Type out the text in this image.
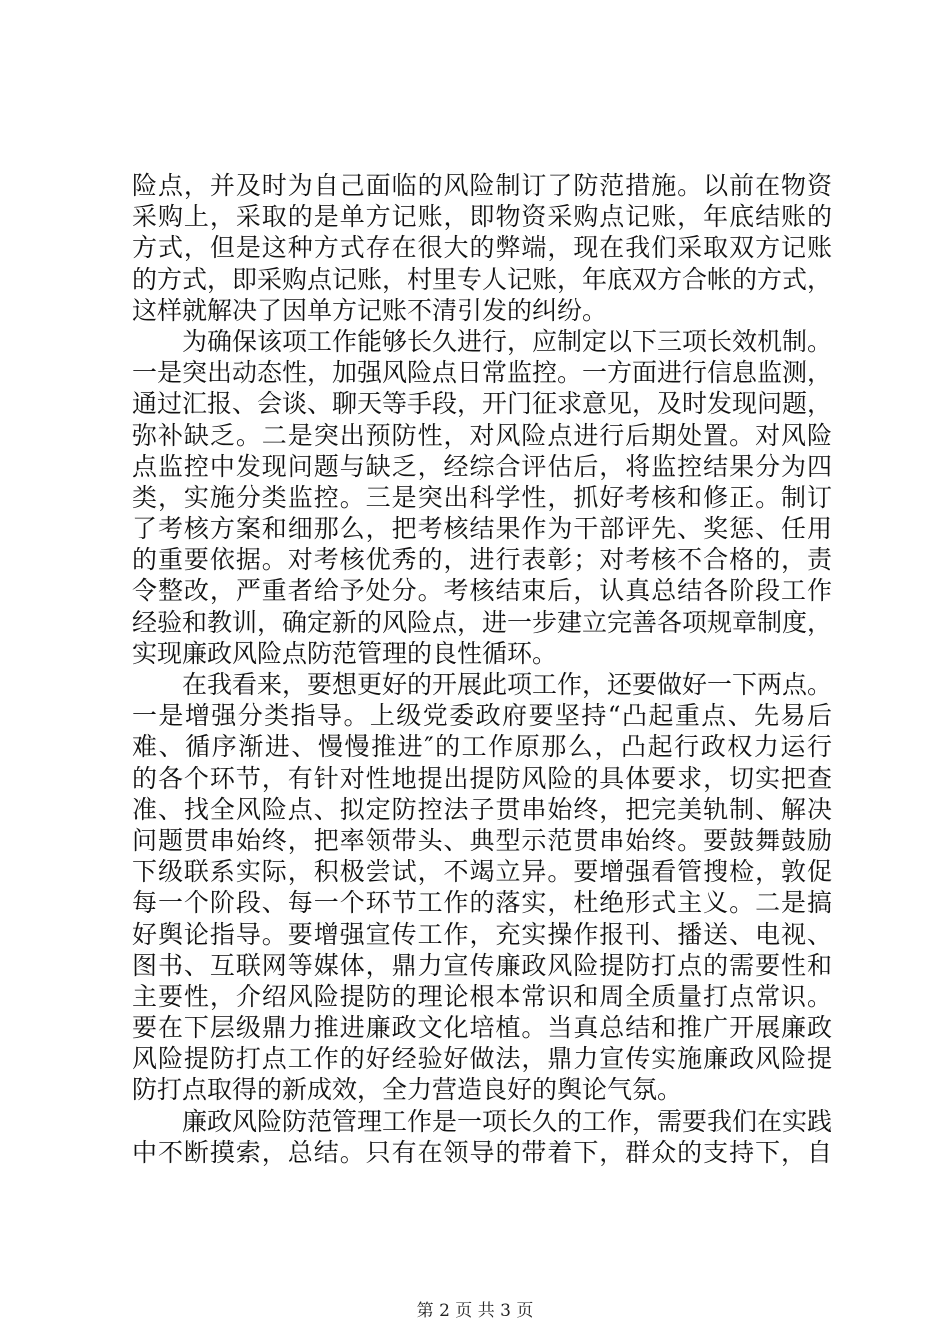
险点，并及时为自己面临的风险制订了防范措施。以前在物资
采购上，采取的是单方记账，即物资采购点记账，年底结账的
方式，但是这种方式存在很大的弊端，现在我们采取双方记账
的方式，即采购点记账，村里专人记账，年底双方合帐的方式，
这样就解决了因单方记账不清引发的纠纷。
为确保该项工作能够长久进行，应制定以下三项长效机制。
一是突出动态性，加强风险点日常监控。一方面进行信息监测，
通过汇报、会谈、聊天等手段，开门征求意见，及时发现问题，
弥补缺乏。二是突出预防性，对风险点进行后期处置。对风险
点监控中发现问题与缺乏，经综合评估后，将监控结果分为四
类，实施分类监控。三是突出科学性，抓好考核和修正。制订
了考核方案和细那么，把考核结果作为干部评先、奖惩、任用
的重要依据。对考核优秀的，进行表彰；对考核不合格的，责
令整改，严重者给予处分。考核结束后，认真总结各阶段工作
经验和教训，确定新的风险点，进一步建立完善各项规章制度，
实现廉政风险点防范管理的良性循环。
在我看来，要想更好的开展此项工作，还要做好一下两点。
一是增强分类指导。上级党委政府要坚持“凸起重点、先易后
难、循序渐进、慢慢推进″的工作原那么，凸起行政权力运行
的各个环节，有针对性地提出提防风险的具体要求，切实把查
准、找全风险点、拟定防控法子贯串始终，把完美轨制、解决
问题贯串始终，把率领带头、典型示范贯串始终。要鼓舞鼓励
下级联系实际，积极尝试，不竭立异。要增强看管搜检，敦促
每一个阶段、每一个环节工作的落实，杜绝形式主义。二是搞
好舆论指导。要增强宣传工作，充实操作报刊、播送、电视、
图书、互联网等媒体，鼎力宣传廉政风险提防打点的需要性和
主要性，介绍风险提防的理论根本常识和周全质量打点常识。
要在下层级鼎力推进廉政文化培植。当真总结和推广开展廉政
风险提防打点工作的好经验好做法，鼎力宣传实施廉政风险提
防打点取得的新成效，全力营造良好的舆论气氛。
廉政风险防范管理工作是一项长久的工作，需要我们在实践
中不断摸索，总结。只有在领导的带着下，群众的支持下，自
第 2 页 共 3 页
